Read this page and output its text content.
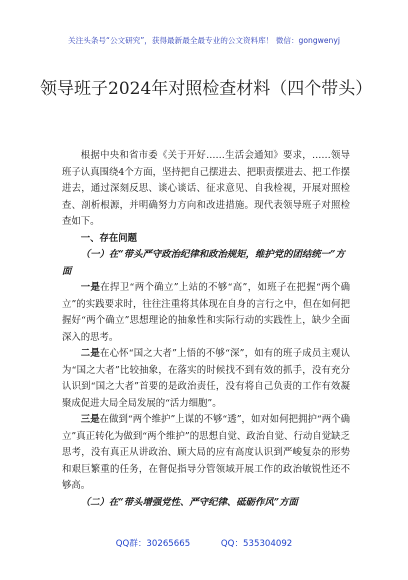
关注头条号“公文研究”，获得最新最全最专业的公文资料库！ 微信：gongwenyj
领导班子2024年对照检查材料（四个带头）

根据中央和省市委《关于开好……生活会通知》要求，……领导班子认真围绕4个方面，坚持把自己摆进去、把职责摆进去、把工作摆进去，通过深刻反思、谈心谈话、征求意见、自我检视，开展对照检查、剖析根源，并明确努力方向和改进措施。现代表领导班子对照检查如下。

一、存在问题

（一）在“带头严守政治纪律和政治规矩，维护党的团结统一”方面

一是在捍卫“两个确立”上站的不够“高”，如班子在把握“两个确立”的实践要求时，往往注重将其体现在自身的言行之中，但在如何把握好“两个确立”思想理论的抽象性和实际行动的实践性上，缺少全面深入的思考。

二是在心怀“国之大者”上悟的不够“深”，如有的班子成员主观认为“国之大者”比较抽象，在落实的时候找不到有效的抓手，没有充分认识到“国之大者”首要的是政治责任，没有将自己负责的工作有效凝聚成促进大局全局发展的“活力细胞”。

三是在做到“两个维护”上谋的不够“透”，如对如何把拥护“两个确立”真正转化为做到“两个维护”的思想自觉、政治自觉、行动自觉缺乏思考，没有真正从讲政治、顾大局的应有高度认识到严峻复杂的形势和艰巨繁重的任务，在督促指导分管领域开展工作的政治敏锐性还不够高。

（二）在“带头增强党性、严守纪律、砥砺作风”方面

QQ群：30265665	QQ：535304092
